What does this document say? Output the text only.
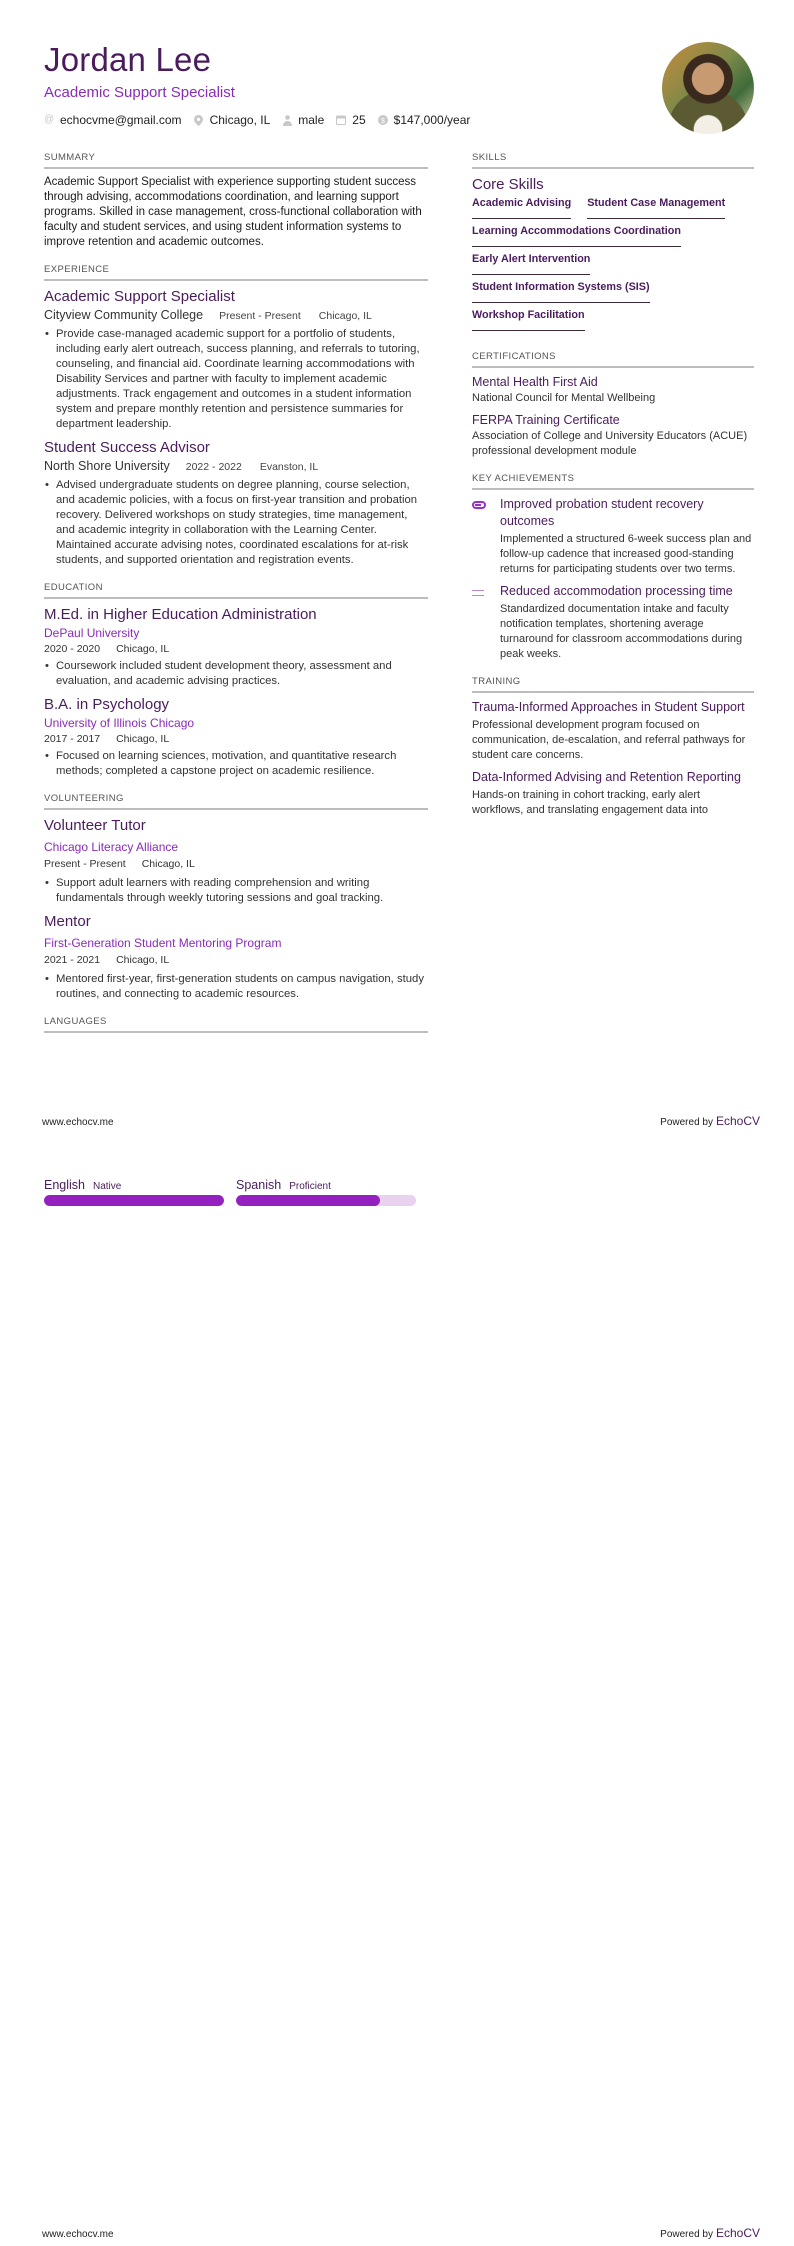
Jordan Lee
Academic Support Specialist
@ echocvme@gmail.com Chicago, IL male 25 $ $147,000/year
SUMMARY
Academic Support Specialist with experience supporting student success through advising, accommodations coordination, and learning support programs. Skilled in case management, cross-functional collaboration with faculty and student services, and using student information systems to improve retention and academic outcomes.
EXPERIENCE
Academic Support Specialist
Cityview Community College Present - Present Chicago, IL
• Provide case-managed academic support for a portfolio of students, including early alert outreach, success planning, and referrals to tutoring, counseling, and financial aid. Coordinate learning accommodations with Disability Services and partner with faculty to implement academic adjustments. Track engagement and outcomes in a student information system and prepare monthly retention and persistence summaries for department leadership.
Student Success Advisor
North Shore University 2022 - 2022 Evanston, IL
• Advised undergraduate students on degree planning, course selection, and academic policies, with a focus on first-year transition and probation recovery. Delivered workshops on study strategies, time management, and academic integrity in collaboration with the Learning Center. Maintained accurate advising notes, coordinated escalations for at-risk students, and supported orientation and registration events.
EDUCATION
M.Ed. in Higher Education Administration
DePaul University
2020 - 2020 Chicago, IL
• Coursework included student development theory, assessment and evaluation, and academic advising practices.
B.A. in Psychology
University of Illinois Chicago
2017 - 2017 Chicago, IL
• Focused on learning sciences, motivation, and quantitative research methods; completed a capstone project on academic resilience.
VOLUNTEERING
Volunteer Tutor
Chicago Literacy Alliance
Present - Present Chicago, IL
• Support adult learners with reading comprehension and writing fundamentals through weekly tutoring sessions and goal tracking.
Mentor
First-Generation Student Mentoring Program
2021 - 2021 Chicago, IL
• Mentored first-year, first-generation students on campus navigation, study routines, and connecting to academic resources.
LANGUAGES
SKILLS
Core Skills
Academic Advising Student Case Management
Learning Accommodations Coordination
Early Alert Intervention
Student Information Systems (SIS)
Workshop Facilitation
CERTIFICATIONS
Mental Health First Aid
National Council for Mental Wellbeing
FERPA Training Certificate
Association of College and University Educators (ACUE) professional development module
KEY ACHIEVEMENTS
Improved probation student recovery outcomes
Implemented a structured 6-week success plan and follow-up cadence that increased good-standing returns for participating students over two terms.
Reduced accommodation processing time
Standardized documentation intake and faculty notification templates, shortening average turnaround for classroom accommodations during peak weeks.
TRAINING
Trauma-Informed Approaches in Student Support
Professional development program focused on communication, de-escalation, and referral pathways for student care concerns.
Data-Informed Advising and Retention Reporting
Hands-on training in cohort tracking, early alert workflows, and translating engagement data into
www.echocv.me	Powered by EchoCV
English Native	Spanish Proficient
www.echocv.me	Powered by EchoCV
